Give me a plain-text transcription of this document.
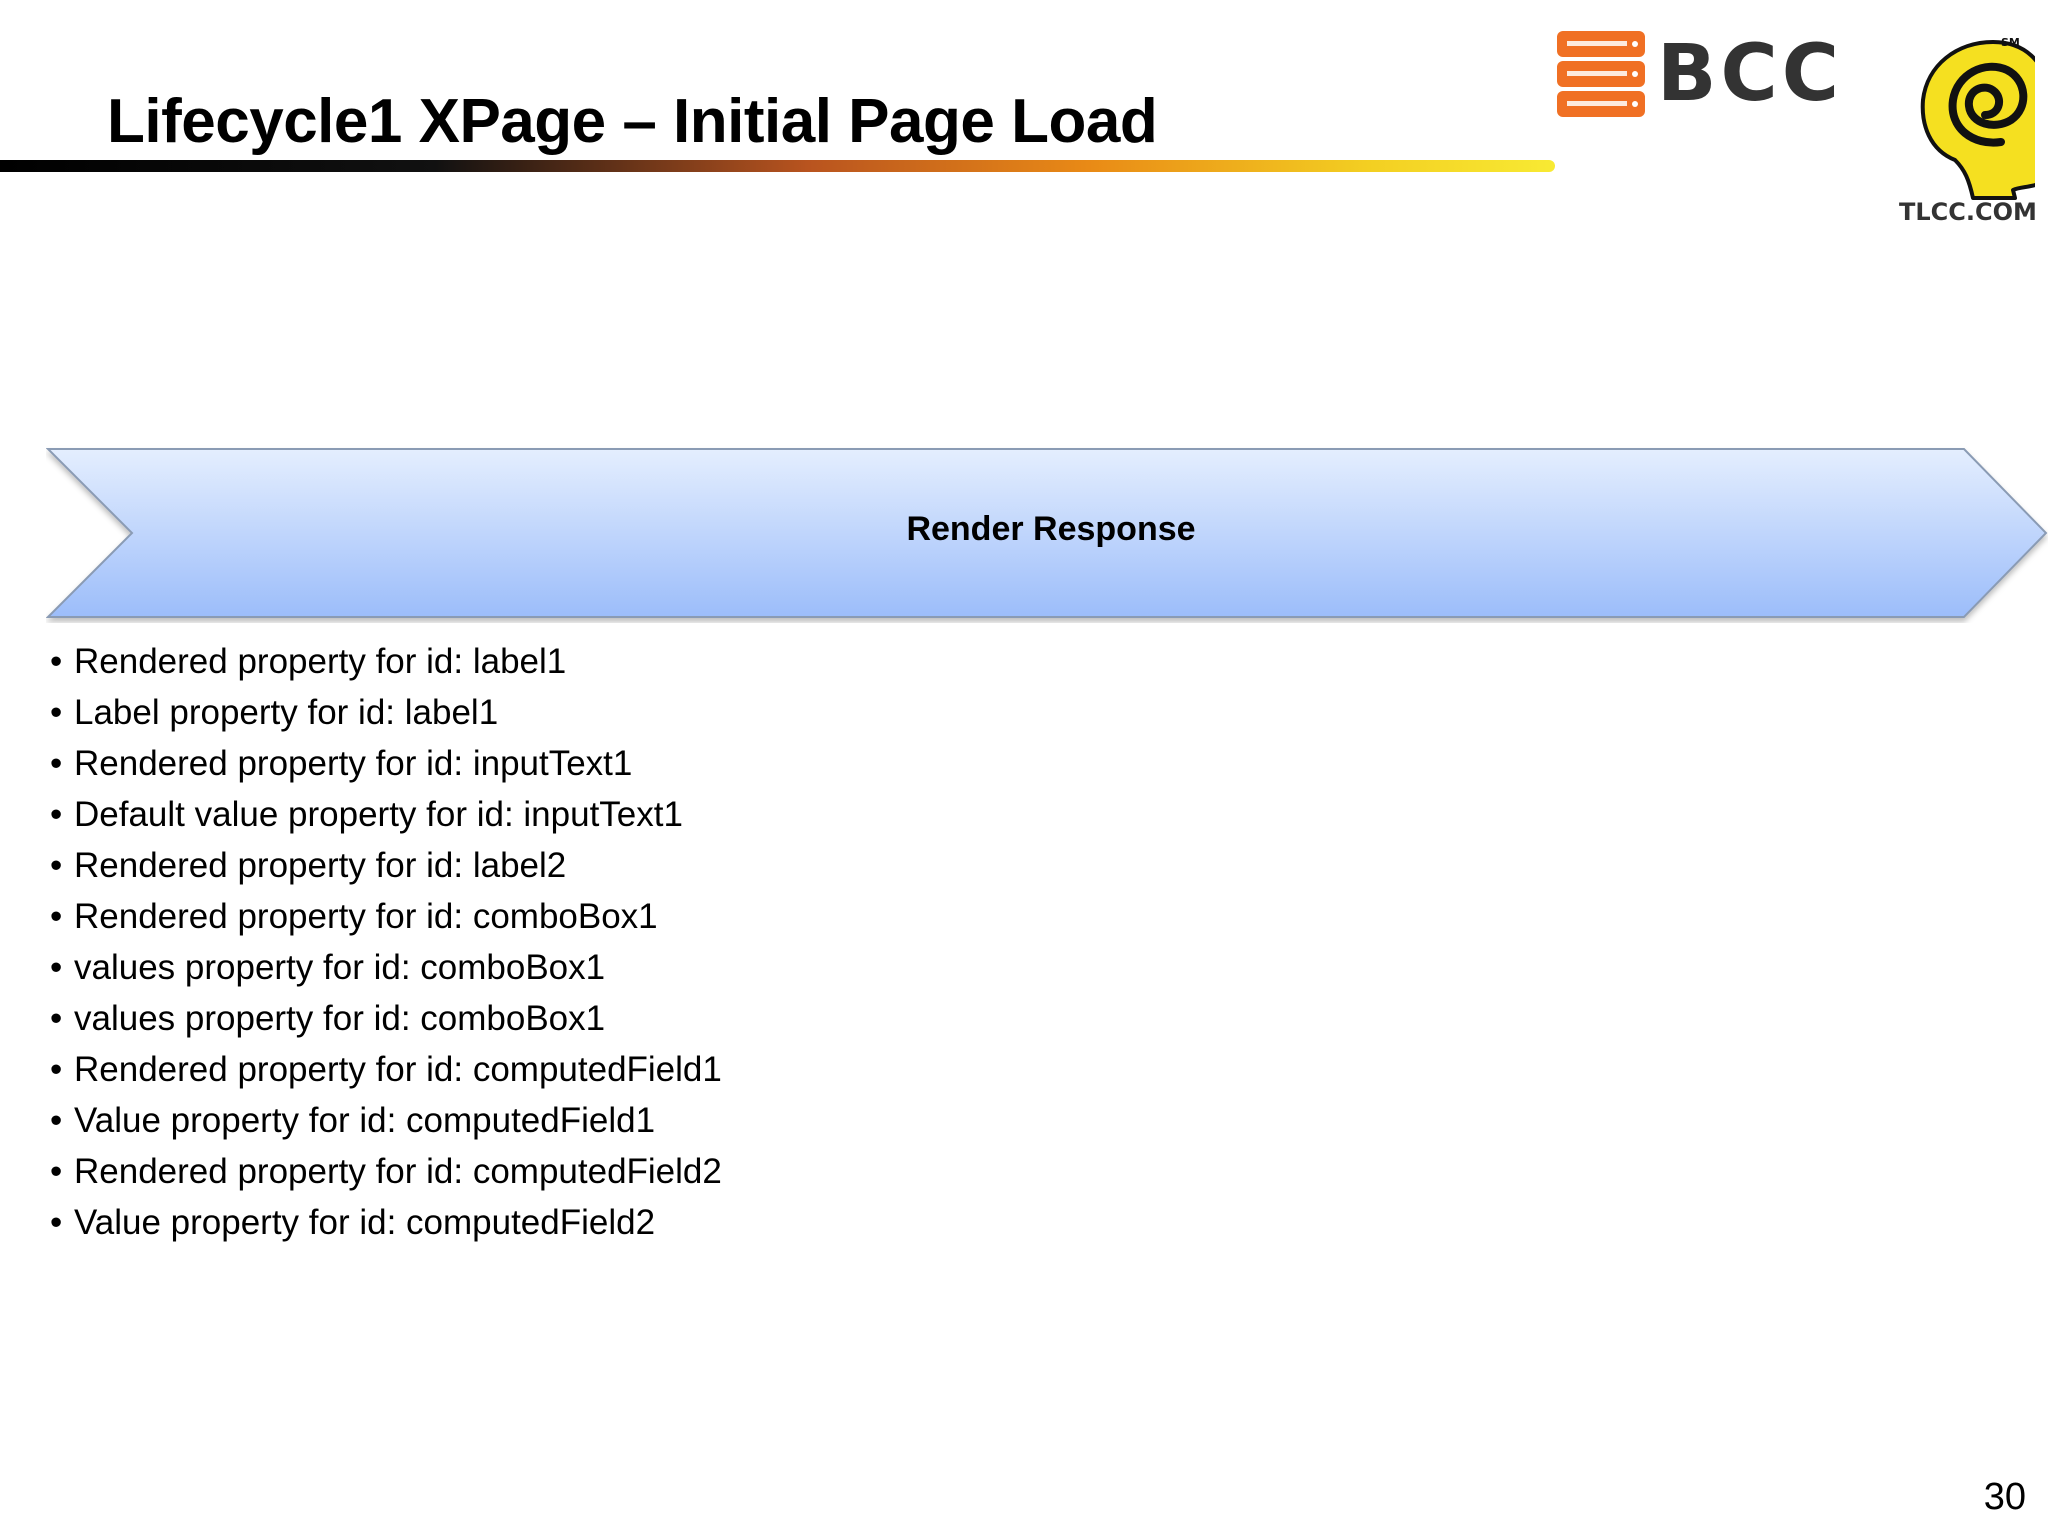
Lifecycle1 XPage – Initial Page Load
BCC	SM
TLCC.COM
Render Response
• Rendered property for id: label1
• Label property for id: label1
• Rendered property for id: inputText1
• Default value property for id: inputText1
• Rendered property for id: label2
• Rendered property for id: comboBox1
• values property for id: comboBox1
• values property for id: comboBox1
• Rendered property for id: computedField1
• Value property for id: computedField1
• Rendered property for id: computedField2
• Value property for id: computedField2
30
